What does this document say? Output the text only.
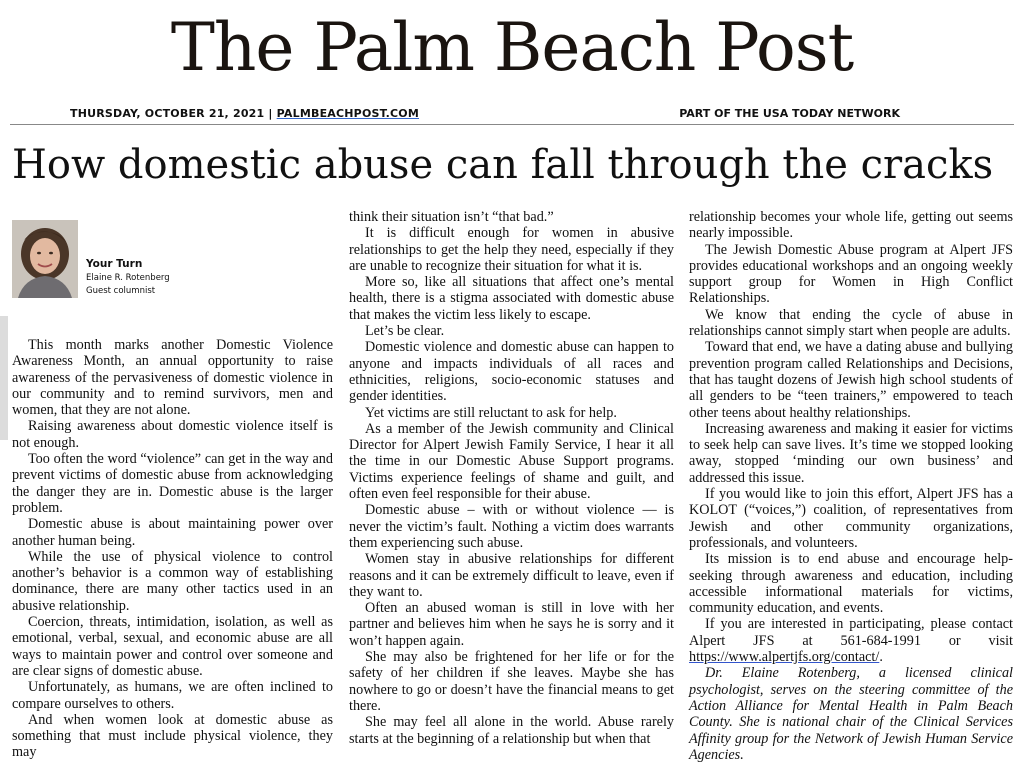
The Palm Beach Post
THURSDAY, OCTOBER 21, 2021 | PALMBEACHPOST.COM	PART OF THE USA TODAY NETWORK
How domestic abuse can fall through the cracks
Your Turn
Elaine R. Rotenberg
Guest columnist

This month marks another Domestic Violence Awareness Month, an annual opportunity to raise awareness of the pervasiveness of domestic violence in our community and to remind survivors, men and women, that they are not alone.

Raising awareness about domestic violence itself is not enough.

Too often the word “violence” can get in the way and prevent victims of domestic abuse from acknowledging the danger they are in. Domestic abuse is the larger problem.

Domestic abuse is about maintaining power over another human being.

While the use of physical violence to control another’s behavior is a common way of establishing dominance, there are many other tactics used in an abusive relationship.

Coercion, threats, intimidation, isolation, as well as emotional, verbal, sexual, and economic abuse are all ways to maintain power and control over someone and are clear signs of domestic abuse.

Unfortunately, as humans, we are often inclined to compare ourselves to others.

And when women look at domestic abuse as something that must include physical violence, they may

think their situation isn’t “that bad.”

It is difficult enough for women in abusive relationships to get the help they need, especially if they are unable to recognize their situation for what it is.

More so, like all situations that affect one’s mental health, there is a stigma associated with domestic abuse that makes the victim less likely to escape.

Let’s be clear.

Domestic violence and domestic abuse can happen to anyone and impacts individuals of all races and ethnicities, religions, socio-economic statuses and gender identities.

Yet victims are still reluctant to ask for help.

As a member of the Jewish community and Clinical Director for Alpert Jewish Family Service, I hear it all the time in our Domestic Abuse Support programs. Victims experience feelings of shame and guilt, and often even feel responsible for their abuse.

Domestic abuse – with or without violence — is never the victim’s fault. Nothing a victim does warrants them experiencing such abuse.

Women stay in abusive relationships for different reasons and it can be extremely difficult to leave, even if they want to.

Often an abused woman is still in love with her partner and believes him when he says he is sorry and it won’t happen again.

She may also be frightened for her life or for the safety of her children if she leaves. Maybe she has nowhere to go or doesn’t have the financial means to get there.

She may feel all alone in the world. Abuse rarely starts at the beginning of a relationship but when that

relationship becomes your whole life, getting out seems nearly impossible.

The Jewish Domestic Abuse program at Alpert JFS provides educational workshops and an ongoing weekly support group for Women in High Conflict Relationships.

We know that ending the cycle of abuse in relationships cannot simply start when people are adults.

Toward that end, we have a dating abuse and bullying prevention program called Relationships and Decisions, that has taught dozens of Jewish high school students of all genders to be “teen trainers,” empowered to teach other teens about healthy relationships.

Increasing awareness and making it easier for victims to seek help can save lives. It’s time we stopped looking away, stopped ‘minding our own business’ and addressed this issue.

If you would like to join this effort, Alpert JFS has a KOLOT (“voices,”) coalition, of representatives from Jewish and other community organizations, professionals, and volunteers.

Its mission is to end abuse and encourage help-seeking through awareness and education, including accessible informational materials for victims, community education, and events.

If you are interested in participating, please contact Alpert JFS at 561-684-1991 or visit https://www.alpertjfs.org/contact/.

Dr. Elaine Rotenberg, a licensed clinical psychologist, serves on the steering committee of the Action Alliance for Mental Health in Palm Beach County. She is national chair of the Clinical Services Affinity group for the Network of Jewish Human Service Agencies.
